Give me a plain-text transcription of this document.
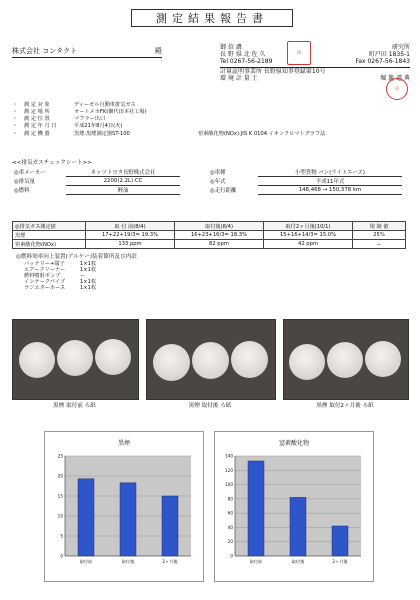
測定結果報告書
株式会社 コンタクト	殿	御 信 濃	研究所
長 野 県 北 佐 久	町戸田 1835-1
Tel 0267-56-2189	Fax 0267-56-1843
計量証明事業所 長野県知事登録第10号
環 境 計 量 士	堀 籠 道 典
印
印
・ 測 定 対 象	ディーゼル自動車排気ガス
・ 測 定 場 所	オートメカFK(御代田本社工場)
・ 測 定 位 置	マフラー出口
・ 測 定 年 月 日	平成21年8月4日(火)
・ 測 定 機 器	黒煙:黒煙測定器ST-100	窒素酸化物(NOx):JIS K 0104 イオンクロマトグラフ法
<<排気ガスチェックシート>>
◎車メーカー	ネッツトヨタ長野株式会社		◎車種	小型貨物 バン(ライトエース)
◎排気量	2200(2.2L) CC		◎年式	平成11年式
◎燃料	軽油		◎走行距離	148,468 → 150,378 km
◎排気ガス測定値	取 付 前(8/4)	取付後(8/4)	取付2ヶ月後(10/1)	規 制 値
黒煙	17+22+19/3= 19.3%	16+23+16/3= 18.3%	15+16+14/3= 15.0%	25%
窒素酸化物(NOx)	133 ppm	82 ppm	42 ppm	ー
◎燃料効率向上装置(アルケー)装着箇所及び内訳
バッテリー+端子	1×1枚
エアークリーナー	1×1枚
燃料噴射ポンプ	ー
インテークパイプ	1×1枚
ラジエターホース	1×1枚
黒煙 取付前 ろ紙	黒煙 取付後 ろ紙	黒煙 取付2ヶ月後 ろ紙
黒煙
0
5
10
15
20
25
取付前	取付後	2ヶ月後
窒素酸化物
0
20
40
60
80
100
120
140
取付前	取付後	2ヶ月後
